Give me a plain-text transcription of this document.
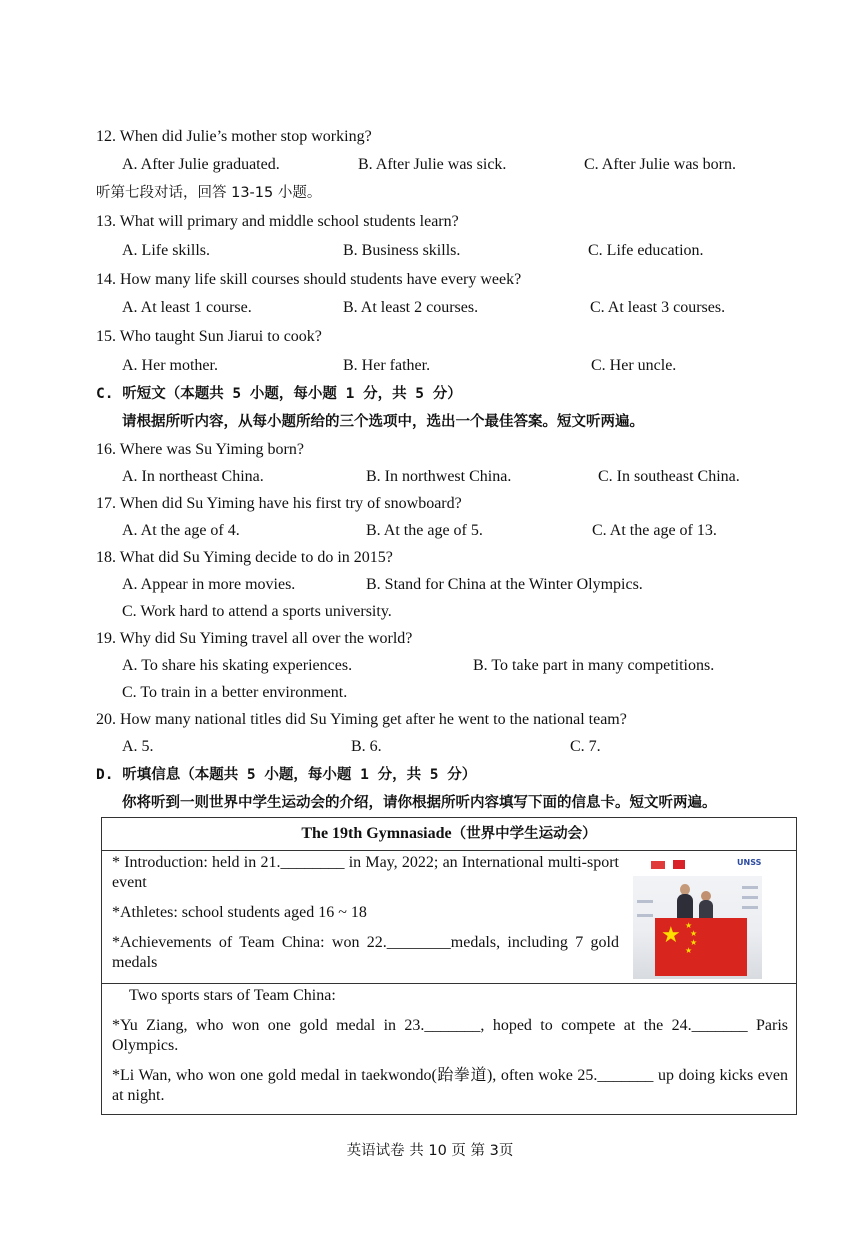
12. When did Julie’s mother stop working?
A. After Julie graduated.	B. After Julie was sick.	C. After Julie was born.
听第七段对话，回答 13-15 小题。
13. What will primary and middle school students learn?
A. Life skills.	B. Business skills.	C. Life education.
14. How many life skill courses should students have every week?
A. At least 1 course.	B. At least 2 courses.	C. At least 3 courses.
15. Who taught Sun Jiarui to cook?
A. Her mother.	B. Her father.	C. Her uncle.
C. 听短文（本题共 5 小题，每小题 1 分，共 5 分）
请根据所听内容，从每小题所给的三个选项中，选出一个最佳答案。短文听两遍。
16. Where was Su Yiming born?
A. In northeast China.	B. In northwest China.	C. In southeast China.
17. When did Su Yiming have his first try of snowboard?
A. At the age of 4.	B. At the age of 5.	C. At the age of 13.
18. What did Su Yiming decide to do in 2015?
A. Appear in more movies.	B. Stand for China at the Winter Olympics.
C. Work hard to attend a sports university.
19. Why did Su Yiming travel all over the world?
A. To share his skating experiences.	B. To take part in many competitions.
C. To train in a better environment.
20. How many national titles did Su Yiming get after he went to the national team?
A. 5.	B. 6.	C. 7.
D. 听填信息（本题共 5 小题，每小题 1 分，共 5 分）
你将听到一则世界中学生运动会的介绍，请你根据所听内容填写下面的信息卡。短文听两遍。
The 19th Gymnasiade（世界中学生运动会）

* Introduction: held in 21.________ in May, 2022; an International multi-sport event
*Athletes: school students aged 16 ~ 18
*Achievements of Team China: won 22.________medals, including 7 gold medals
UNSS
★ ★
★
★
★

Two sports stars of Team China:
*Yu Ziang, who won one gold medal in 23._______, hoped to compete at the 24._______ Paris Olympics.
*Li Wan, who won one gold medal in taekwondo(跆拳道), often woke 25._______ up doing kicks even at night.
英语试卷 共 10 页 第 3页
